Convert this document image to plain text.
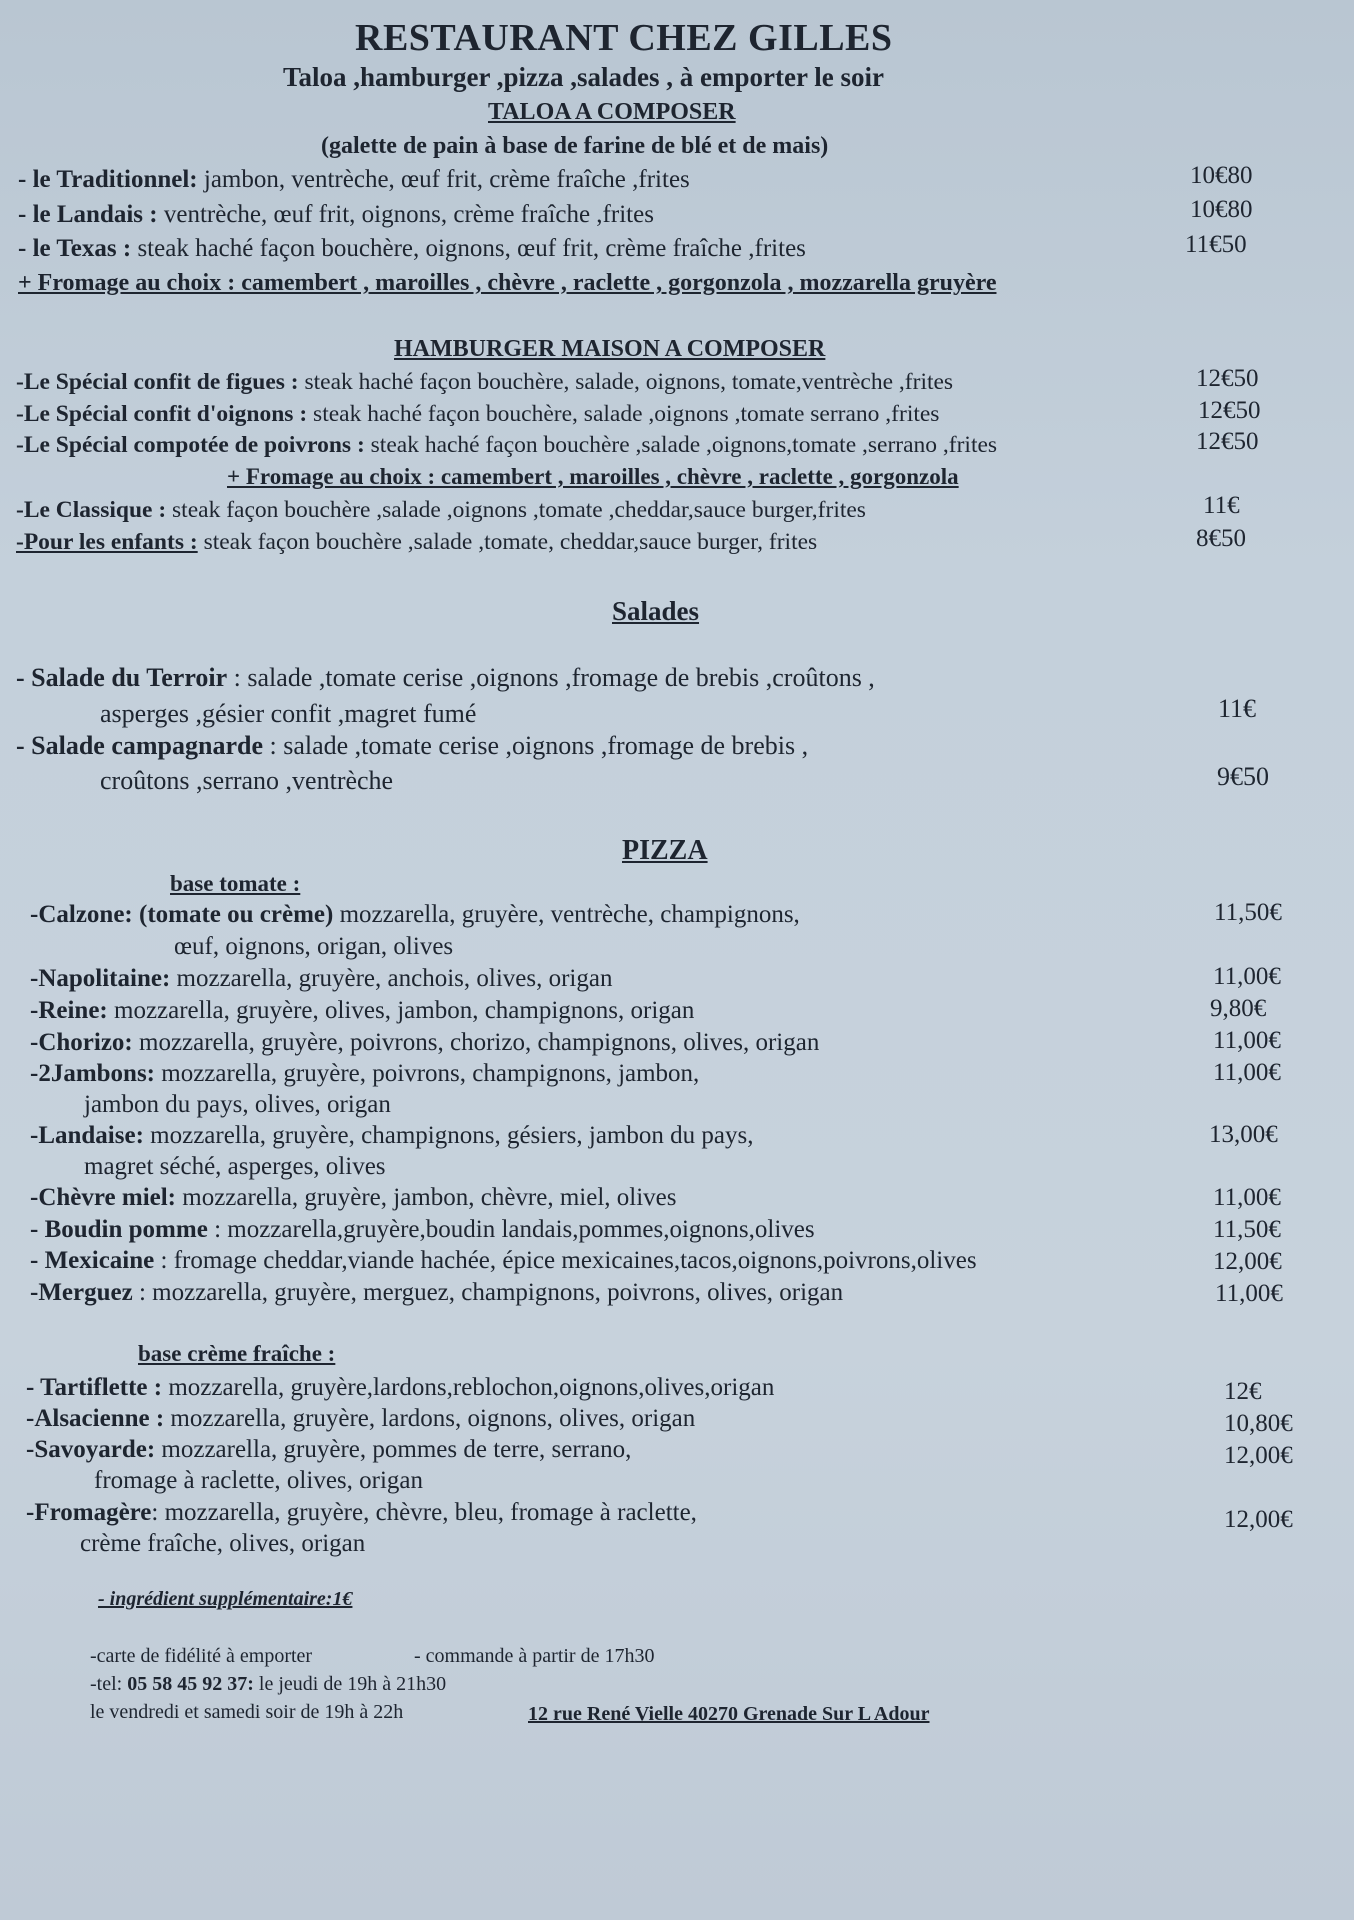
RESTAURANT CHEZ GILLES
Taloa ,hamburger ,pizza ,salades , à emporter le soir
TALOA A COMPOSER
(galette de pain à base de farine de blé et de mais)
- le Traditionnel: jambon, ventrèche, œuf frit, crème fraîche ,frites	10€80
- le Landais : ventrèche, œuf frit, oignons, crème fraîche ,frites	10€80
- le Texas : steak haché façon bouchère, oignons, œuf frit, crème fraîche ,frites	11€50
+ Fromage au choix : camembert , maroilles , chèvre , raclette , gorgonzola , mozzarella gruyère
HAMBURGER MAISON A COMPOSER
-Le Spécial confit de figues : steak haché façon bouchère, salade, oignons, tomate,ventrèche ,frites	12€50
-Le Spécial confit d'oignons : steak haché façon bouchère, salade ,oignons ,tomate serrano ,frites	12€50
-Le Spécial compotée de poivrons : steak haché façon bouchère ,salade ,oignons,tomate ,serrano ,frites	12€50
+ Fromage au choix : camembert , maroilles , chèvre , raclette , gorgonzola
-Le Classique : steak façon bouchère ,salade ,oignons ,tomate ,cheddar,sauce burger,frites	11€
-Pour les enfants : steak façon bouchère ,salade ,tomate, cheddar,sauce burger, frites	8€50
Salades
- Salade du Terroir : salade ,tomate cerise ,oignons ,fromage de brebis ,croûtons ,
asperges ,gésier confit ,magret fumé	11€
- Salade campagnarde : salade ,tomate cerise ,oignons ,fromage de brebis ,
croûtons ,serrano ,ventrèche	9€50
PIZZA
base tomate :
-Calzone: (tomate ou crème) mozzarella, gruyère, ventrèche, champignons,
œuf, oignons, origan, olives
11,50€
-Napolitaine: mozzarella, gruyère, anchois, olives, origan	11,00€
-Reine: mozzarella, gruyère, olives, jambon, champignons, origan	9,80€
-Chorizo: mozzarella, gruyère, poivrons, chorizo, champignons, olives, origan	11,00€
-2Jambons: mozzarella, gruyère, poivrons, champignons, jambon,
jambon du pays, olives, origan
11,00€
-Landaise: mozzarella, gruyère, champignons, gésiers, jambon du pays,
magret séché, asperges, olives
13,00€
-Chèvre miel: mozzarella, gruyère, jambon, chèvre, miel, olives	11,00€
- Boudin pomme : mozzarella,gruyère,boudin landais,pommes,oignons,olives	11,50€
- Mexicaine : fromage cheddar,viande hachée, épice mexicaines,tacos,oignons,poivrons,olives	12,00€
-Merguez : mozzarella, gruyère, merguez, champignons, poivrons, olives, origan	11,00€
base crème fraîche :
- Tartiflette : mozzarella, gruyère,lardons,reblochon,oignons,olives,origan	12€
-Alsacienne : mozzarella, gruyère, lardons, oignons, olives, origan	10,80€
-Savoyarde: mozzarella, gruyère, pommes de terre, serrano,
fromage à raclette, olives, origan
12,00€
-Fromagère: mozzarella, gruyère, chèvre, bleu, fromage à raclette,
crème fraîche, olives, origan
12,00€
- ingrédient supplémentaire:1€
-carte de fidélité à emporter	- commande à partir de 17h30
-tel: 05 58 45 92 37: le jeudi de 19h à 21h30
le vendredi et samedi soir de 19h à 22h	12 rue René Vielle 40270 Grenade Sur L Adour
